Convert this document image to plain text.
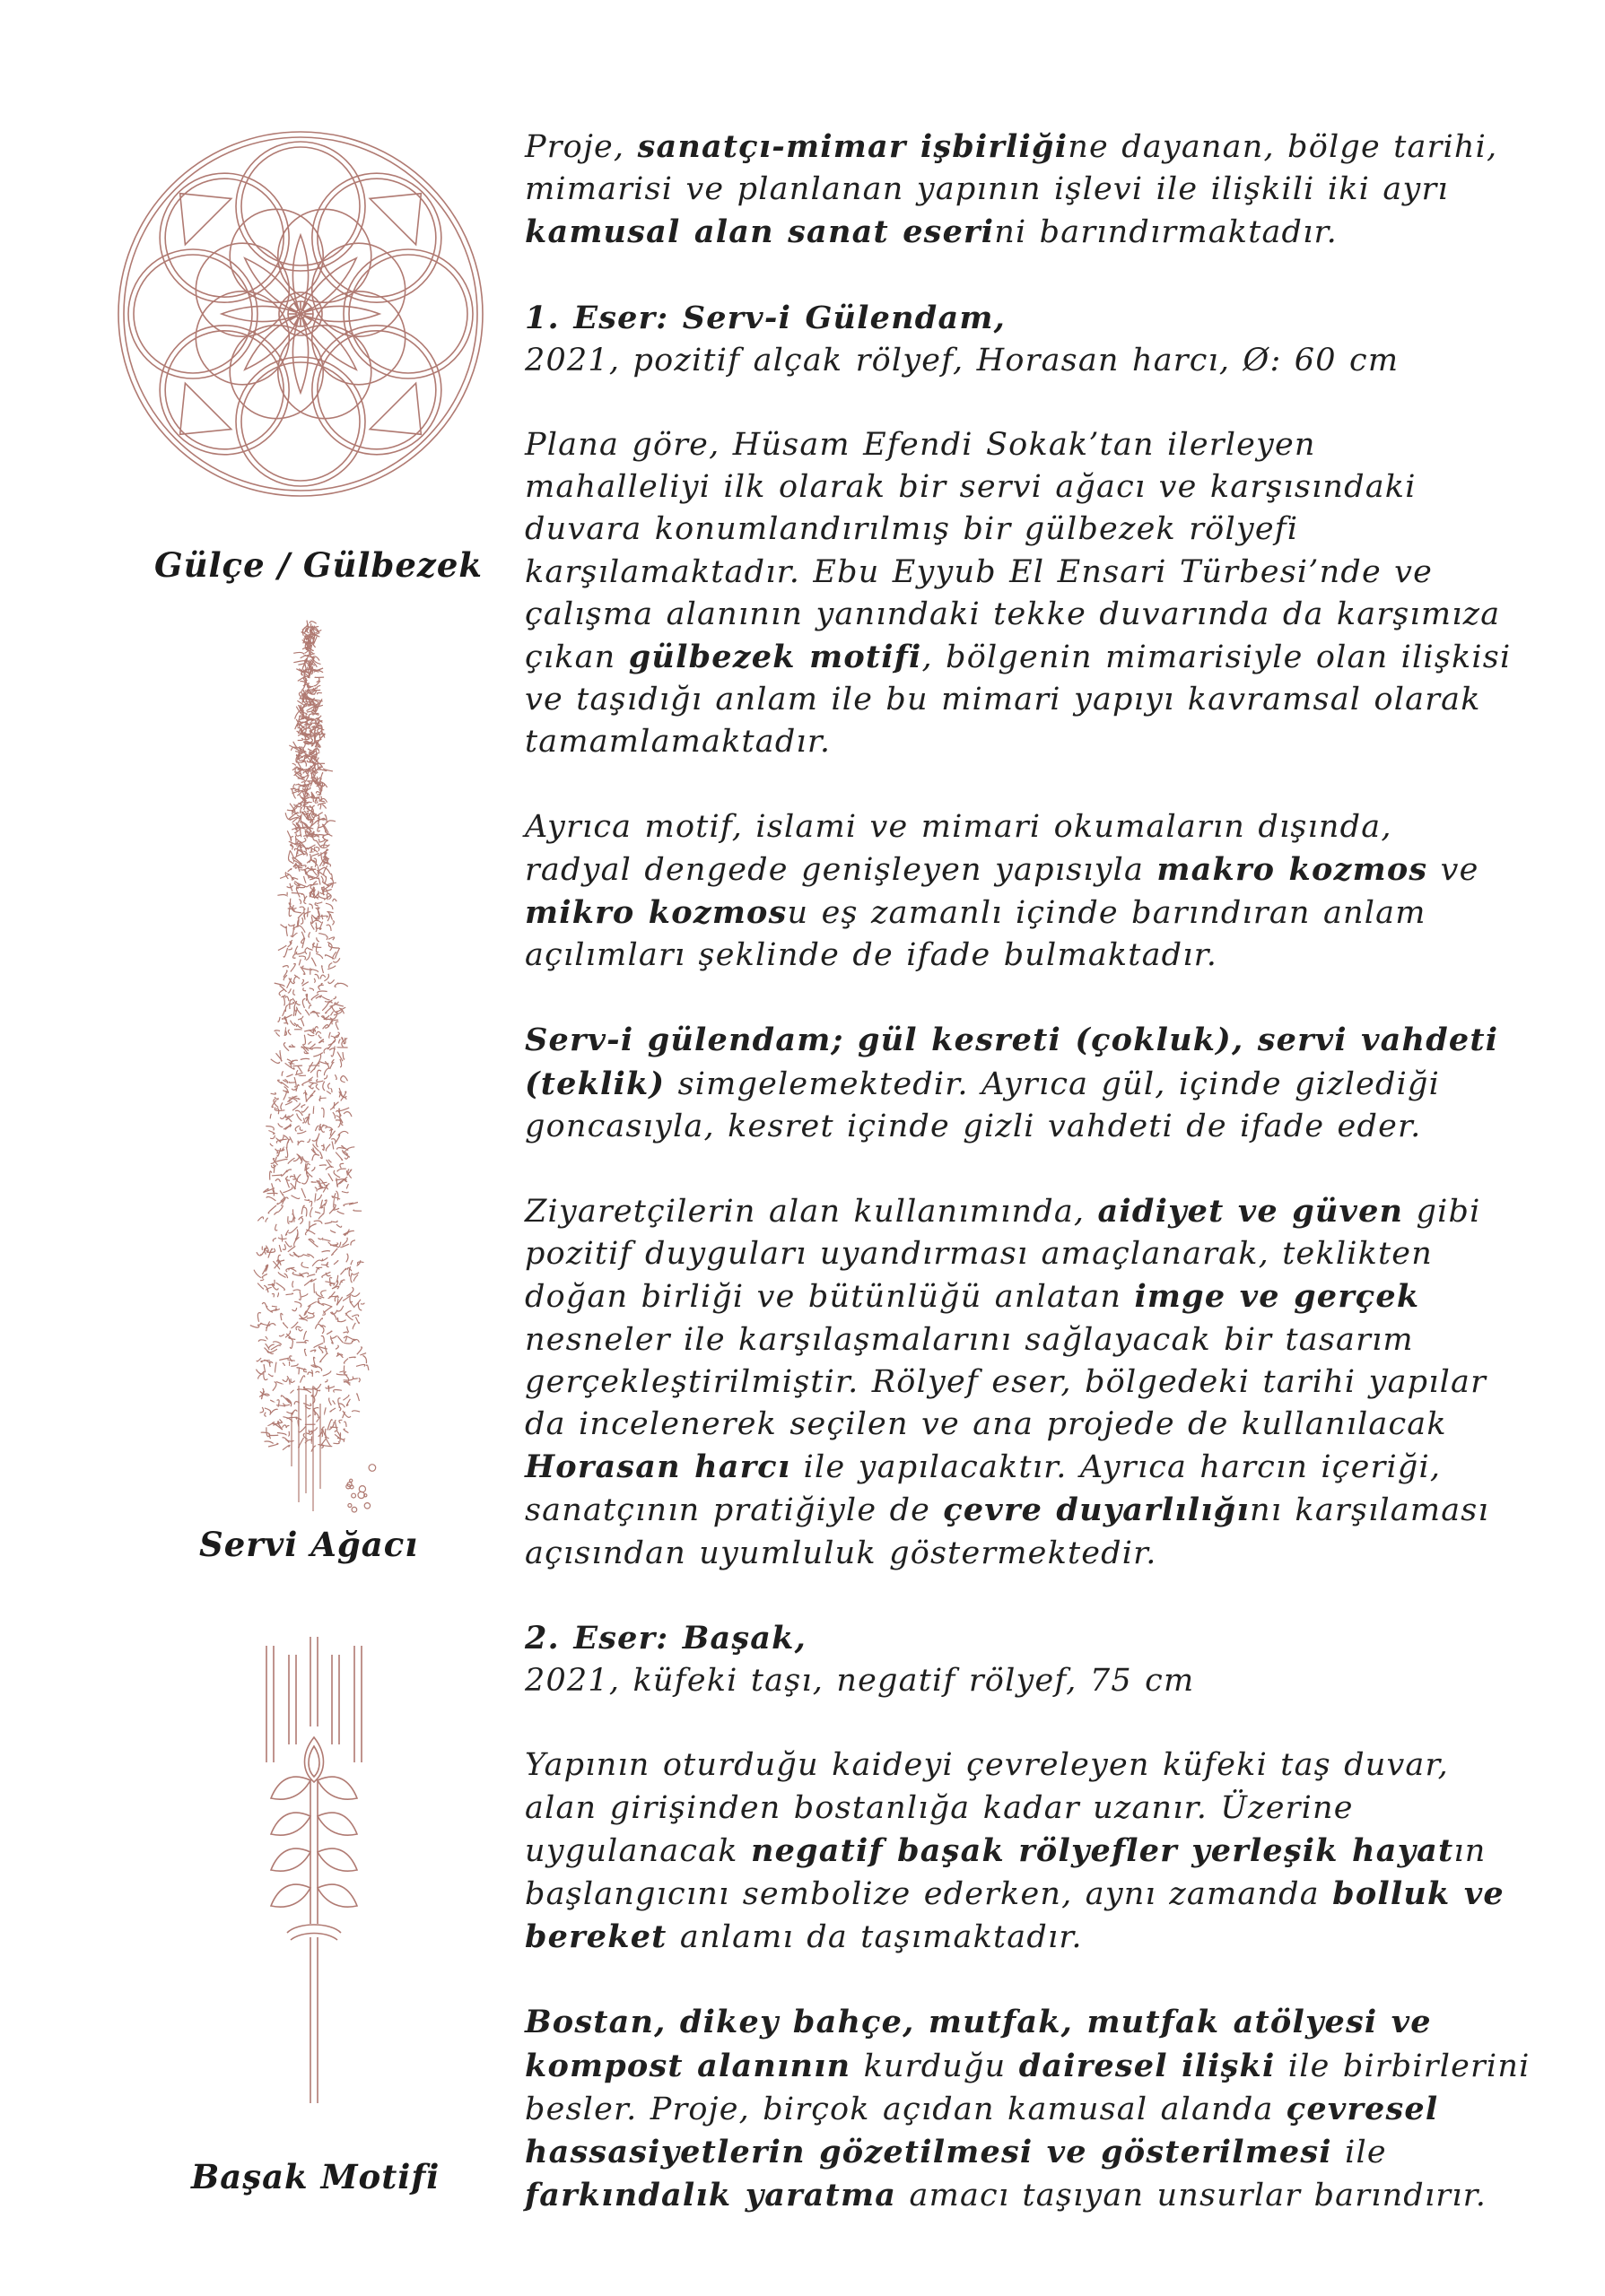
Gülçe / Gülbezek
Servi Ağacı
Başak Motifi
Proje, sanatçı-mimar işbirliğine dayanan, bölge tarihi,
mimarisi ve planlanan yapının işlevi ile ilişkili iki ayrı
kamusal alan sanat eserini barındırmaktadır.
1. Eser: Serv-i Gülendam,
2021, pozitif alçak rölyef, Horasan harcı, Ø: 60 cm
Plana göre, Hüsam Efendi Sokak’tan ilerleyen
mahalleliyi ilk olarak bir servi ağacı ve karşısındaki
duvara konumlandırılmış bir gülbezek rölyefi
karşılamaktadır. Ebu Eyyub El Ensari Türbesi’nde ve
çalışma alanının yanındaki tekke duvarında da karşımıza
çıkan gülbezek motifi, bölgenin mimarisiyle olan ilişkisi
ve taşıdığı anlam ile bu mimari yapıyı kavramsal olarak
tamamlamaktadır.
Ayrıca motif, islami ve mimari okumaların dışında,
radyal dengede genişleyen yapısıyla makro kozmos ve
mikro kozmosu eş zamanlı içinde barındıran anlam
açılımları şeklinde de ifade bulmaktadır.
Serv-i gülendam; gül kesreti (çokluk), servi vahdeti
(teklik) simgelemektedir. Ayrıca gül, içinde gizlediği
goncasıyla, kesret içinde gizli vahdeti de ifade eder.
Ziyaretçilerin alan kullanımında, aidiyet ve güven gibi
pozitif duyguları uyandırması amaçlanarak, teklikten
doğan birliği ve bütünlüğü anlatan imge ve gerçek
nesneler ile karşılaşmalarını sağlayacak bir tasarım
gerçekleştirilmiştir. Rölyef eser, bölgedeki tarihi yapılar
da incelenerek seçilen ve ana projede de kullanılacak
Horasan harcı ile yapılacaktır. Ayrıca harcın içeriği,
sanatçının pratiğiyle de çevre duyarlılığını karşılaması
açısından uyumluluk göstermektedir.
2. Eser: Başak,
2021, küfeki taşı, negatif rölyef, 75 cm
Yapının oturduğu kaideyi çevreleyen küfeki taş duvar,
alan girişinden bostanlığa kadar uzanır. Üzerine
uygulanacak negatif başak rölyefler yerleşik hayatın
başlangıcını sembolize ederken, aynı zamanda bolluk ve
bereket anlamı da taşımaktadır.
Bostan, dikey bahçe, mutfak, mutfak atölyesi ve
kompost alanının kurduğu dairesel ilişki ile birbirlerini
besler. Proje, birçok açıdan kamusal alanda çevresel
hassasiyetlerin gözetilmesi ve gösterilmesi ile
farkındalık yaratma amacı taşıyan unsurlar barındırır.
